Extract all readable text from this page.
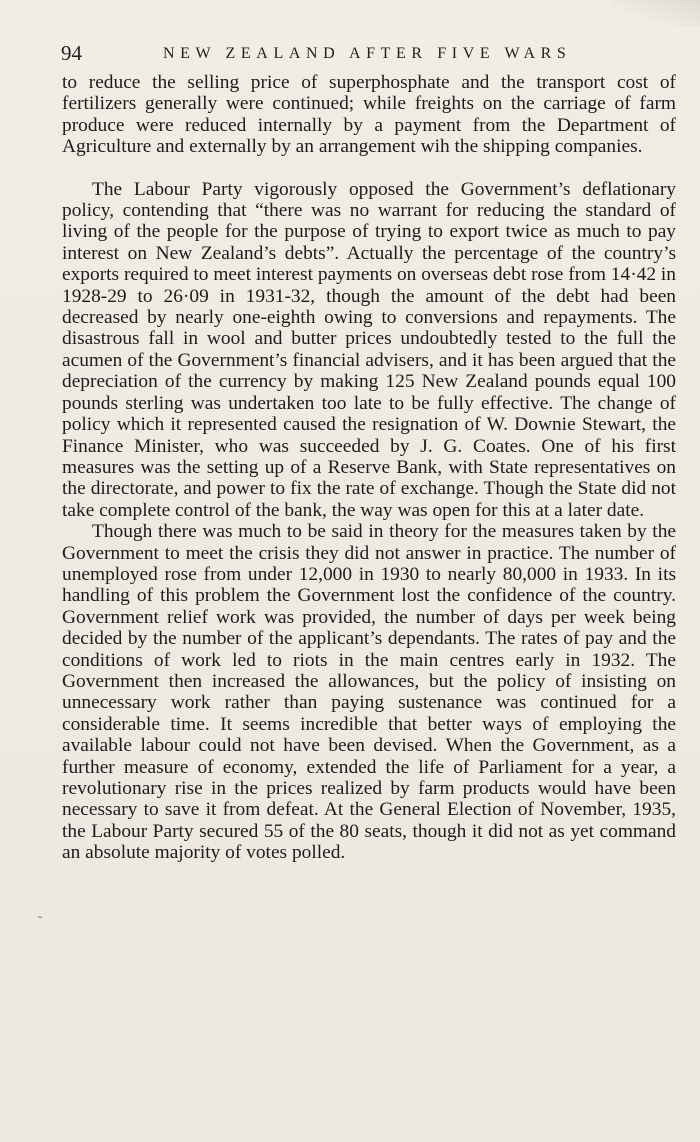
94	NEW ZEALAND AFTER FIVE WARS

to reduce the selling price of superphosphate and the transport cost of fertilizers generally were continued; while freights on the carriage of farm produce were reduced internally by a payment from the Department of Agriculture and externally by an arrangement wih the shipping companies.

The Labour Party vigorously opposed the Government’s deflationary policy, contending that “there was no warrant for reducing the standard of living of the people for the purpose of trying to export twice as much to pay interest on New Zealand’s debts”. Actually the percentage of the country’s exports required to meet interest payments on overseas debt rose from 14·42 in 1928-29 to 26·09 in 1931-32, though the amount of the debt had been decreased by nearly one-eighth owing to conversions and repayments. The disastrous fall in wool and butter prices undoubtedly tested to the full the acumen of the Government’s financial advisers, and it has been argued that the depreciation of the currency by making 125 New Zealand pounds equal 100 pounds sterling was undertaken too late to be fully effective. The change of policy which it represented caused the resignation of W. Downie Stewart, the Finance Minister, who was succeeded by J. G. Coates. One of his first measures was the setting up of a Reserve Bank, with State representatives on the directorate, and power to fix the rate of exchange. Though the State did not take complete control of the bank, the way was open for this at a later date.

Though there was much to be said in theory for the measures taken by the Government to meet the crisis they did not answer in practice. The number of unemployed rose from under 12,000 in 1930 to nearly 80,000 in 1933. In its handling of this problem the Government lost the confidence of the country. Government relief work was provided, the number of days per week being decided by the number of the applicant’s dependants. The rates of pay and the conditions of work led to riots in the main centres early in 1932. The Government then increased the allowances, but the policy of insisting on unnecessary work rather than paying sustenance was continued for a considerable time. It seems incredible that better ways of employing the available labour could not have been devised. When the Government, as a further measure of economy, extended the life of Parliament for a year, a revolutionary rise in the prices realized by farm products would have been necessary to save it from defeat. At the General Election of November, 1935, the Labour Party secured 55 of the 80 seats, though it did not as yet command an absolute majority of votes polled.

˜
